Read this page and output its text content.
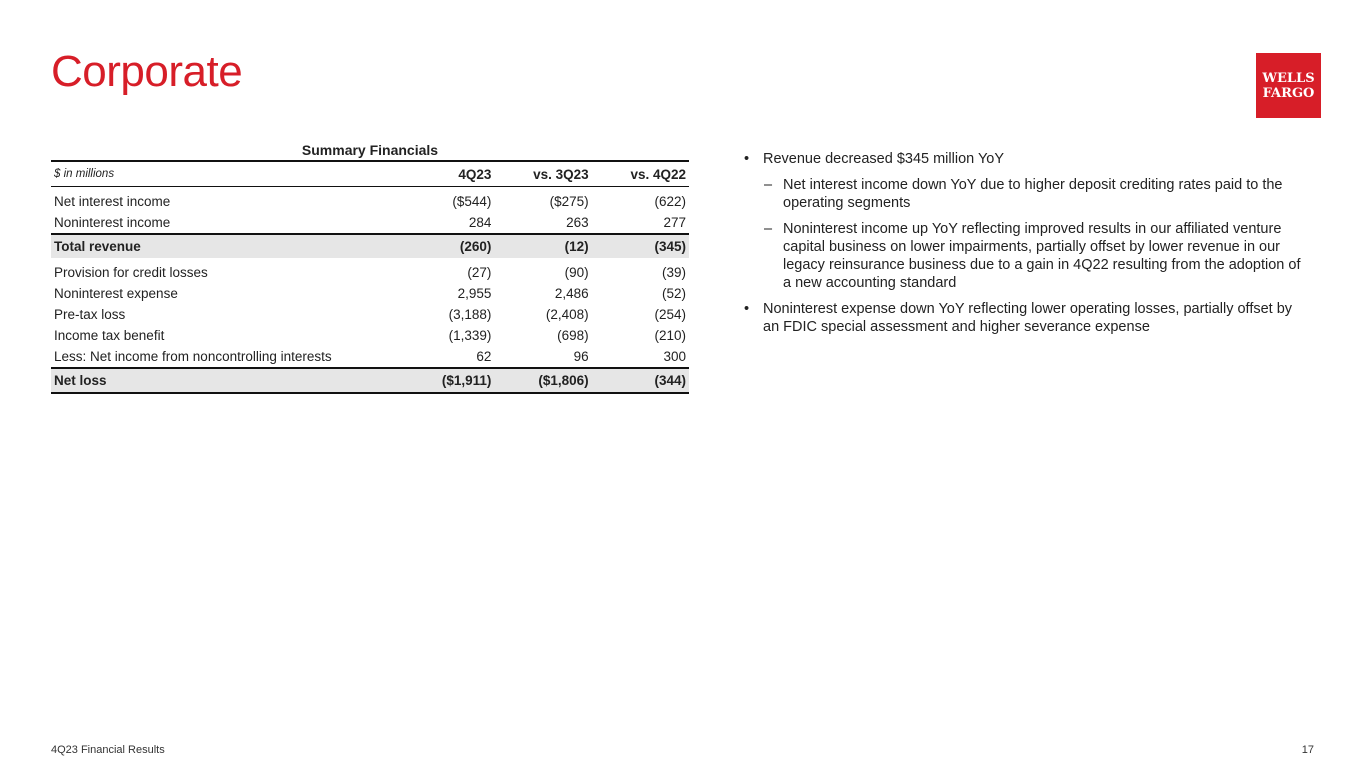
Corporate	WELLS
FARGO
Summary Financials
$ in millions	4Q23	vs. 3Q23	vs. 4Q22
Net interest income	($544)	($275)	(622)
Noninterest income	284	263	277
Total revenue	(260)	(12)	(345)
Provision for credit losses	(27)	(90)	(39)
Noninterest expense	2,955	2,486	(52)
Pre-tax loss	(3,188)	(2,408)	(254)
Income tax benefit	(1,339)	(698)	(210)
Less: Net income from noncontrolling interests	62	96	300
Net loss	($1,911)	($1,806)	(344)
• Revenue decreased $345 million YoY
– Net interest income down YoY due to higher deposit crediting rates paid to the operating segments
– Noninterest income up YoY reflecting improved results in our affiliated venture capital business on lower impairments, partially offset by lower revenue in our legacy reinsurance business due to a gain in 4Q22 resulting from the adoption of a new accounting standard
• Noninterest expense down YoY reflecting lower operating losses, partially offset by an FDIC special assessment and higher severance expense
4Q23 Financial Results	17
